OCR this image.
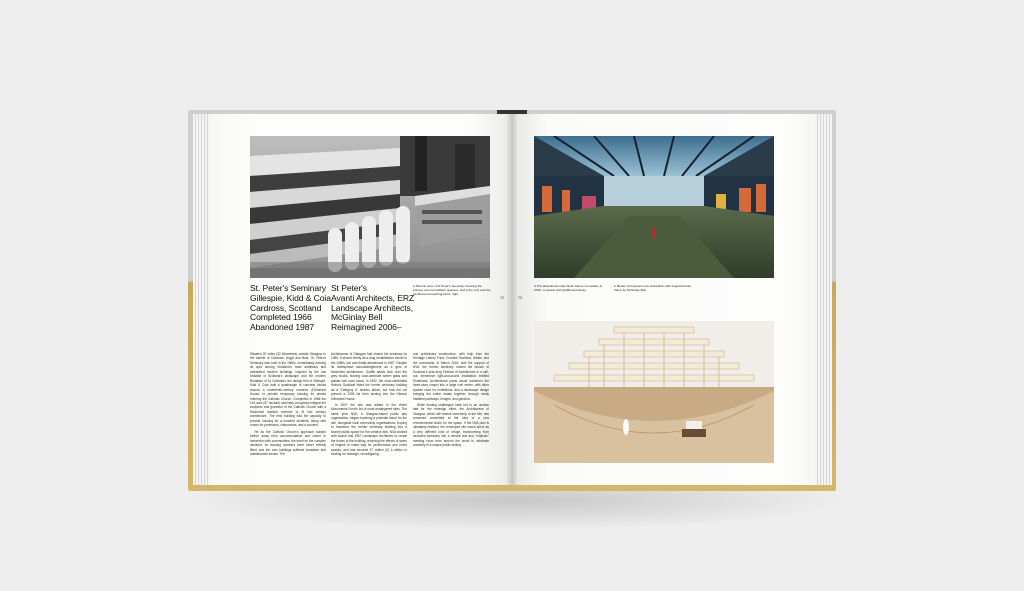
St. Peter's Seminary
Gillespie, Kidd & Coia
Cardross, Scotland
Completed 1966
Abandoned 1987
St Peter's
Avanti Architects, ERZ
Landscape Architects,
McGinlay Bell
Reimagined 2006–
A Historic view of St Peter's Seminary showing the primary accommodation quarters, and entry, left, and the cantilevered teaching block, right.
A The abandoned main block before renovation in 2016, complete with graffiti and decay.
F Model of proposed new restoration with supported-like frame by McGinlay Bell.
72	73

Situated 20 miles (32 kilometres) outside Glasgow in the hamlet of Cardross, Argyll and Bute, St. Peter's Seminary was built in the 1960s, immediately earning its spot among Scotland's most ambitious and celebrated modern buildings. Inspired by the raw brutalist of Scotland's landscape and the modern Brutalism of Le Corbusier, the design firm of Gillespie, Kidd & Coia built a quadrangle of concrete blocks around a nineteenth-century mansion (Kilmahew House, to provide temporary housing for priests entering the Catholic Church. Completed in 1966 the 143 acre (57 hectare) seminary comprised integral the sculpture and grandeur of the Catholic Church with a Modernist sublime seemed to fit into century architecture. The new building had the capacity to provide housing for a hundred students, along with rooms for professors, classrooms, and a convent.

Yet as the Catholic Church's approach subject further away from accommodation and closer to immersion with communities, the need for the complex declined. Its housing numbers were never entirely filled, and the cost buildings suffered insulation and maintenance issues. The

Archdiocese of Glasgow had closed the seminary by 1980. It served briefly as a drug rehabilitation centre in the 1980s, but was finally abandoned in 1987. Despite its widespread acknowledgement as a gem of Modernist architecture, Graffiti artists took over the grey blocks, leaving color-laminate where glass and plaster had once stood. In 1992, the once-celebrated Historic Scotland listed the former seminary building as a 'Category A' historic article, but that did not prevent a 2005 list from landing into the Historic Kilmahew House.

In 2007 the site was added to the World Monuments Fund's list of most endangered sites. The same year NVA, a Glasgow-based public arts organisation, began exploring a potential future for the site, alongside local community organisations. Hoping to transform the former seminary building into a shared public space for the creative arts, NVA worked with Avanti and ERZ Landscape Architects to reveal the bones of the building, returning the effects of years of neglect to make way for performance and event spaces, and has secured £7 million (£) a million in funding for redesign, reconfiguring,

and preliminary construction, with help from the Heritage Lottery Fund, Creative Scotland, Artists, and the community. In March 2016, with the support of NVA, the former seminary hosted the launch of Scotland's year-long Festival of Architecture in a sell-out, immersive light-and-sound installation entitled Hinterland. Architectural plans would transform the three-story chapel into a large roof vertex, with other spaces used for exhibitions, and a landscape design bringing the entire estate together through newly installed pathways, bridges, and gardens.

While funding challenges have led to an unclear fate for the redesign effort, the Archdiocese of Glasgow, which still retains ownership of the site, has remained committed to the idea of a new environmental vision for the space. If the NVA plan is ultimately realised, the revamped site would serve as a very different kind of refuge, transforming from secluded seminary into a vibrant hub and "majestic" meeting room from around the world to celebrate creativity in a unique public setting.
